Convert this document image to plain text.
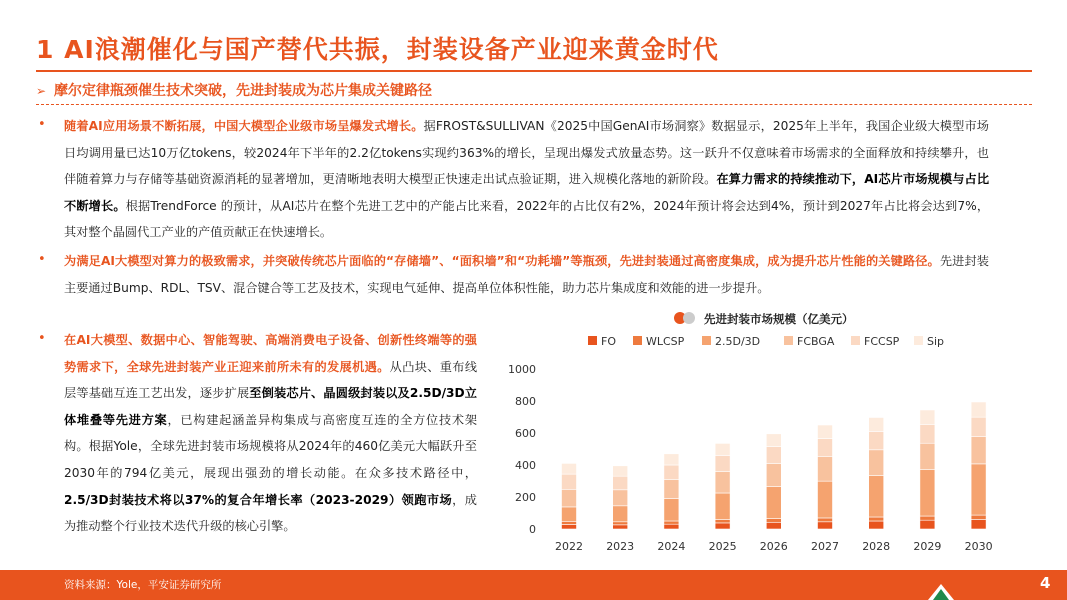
1 AI浪潮催化与国产替代共振，封装设备产业迎来黄金时代
➢ 摩尔定律瓶颈催生技术突破，先进封装成为芯片集成关键路径
• 随着AI应用场景不断拓展，中国大模型企业级市场呈爆发式增长。据FROST&SULLIVAN《2025中国GenAI市场洞察》数据显示，2025年上半年，我国企业级大模型市场日均调用量已达10万亿tokens，较2024年下半年的2.2亿tokens实现约363%的增长，呈现出爆发式放量态势。这一跃升不仅意味着市场需求的全面释放和持续攀升，也伴随着算力与存储等基础资源消耗的显著增加，更清晰地表明大模型正快速走出试点验证期，进入规模化落地的新阶段。在算力需求的持续推动下，AI芯片市场规模与占比不断增长。根据TrendForce 的预计，从AI芯片在整个先进工艺中的产能占比来看，2022年的占比仅有2%，2024年预计将会达到4%，预计到2027年占比将会达到7%，其对整个晶圆代工产业的产值贡献正在快速增长。
• 为满足AI大模型对算力的极致需求，并突破传统芯片面临的“存储墙”、“面积墙”和“功耗墙”等瓶颈，先进封装通过高密度集成，成为提升芯片性能的关键路径。先进封装主要通过Bump、RDL、TSV、混合键合等工艺及技术，实现电气延伸、提高单位体积性能，助力芯片集成度和效能的进一步提升。
• 在AI大模型、数据中心、智能驾驶、高端消费电子设备、创新性终端等的强势需求下，全球先进封装产业正迎来前所未有的发展机遇。从凸块、重布线层等基础互连工艺出发，逐步扩展至倒装芯片、晶圆级封装以及2.5D/3D立体堆叠等先进方案，已构建起涵盖异构集成与高密度互连的全方位技术架构。根据Yole，全球先进封装市场规模将从2024年的460亿美元大幅跃升至2030年的794亿美元，展现出强劲的增长动能。在众多技术路径中，2.5/3D封装技术将以37%的复合年增长率（2023-2029）领跑市场，成为推动整个行业技术迭代升级的核心引擎。
先进封装市场规模（亿美元）
FO	WLCSP	2.5D/3D	FCBGA	FCCSP	Sip
0
200
400
600
800
1000
2022 2023 2024 2025 2026 2027 2028 2029 2030
资料来源：Yole，平安证券研究所	4
